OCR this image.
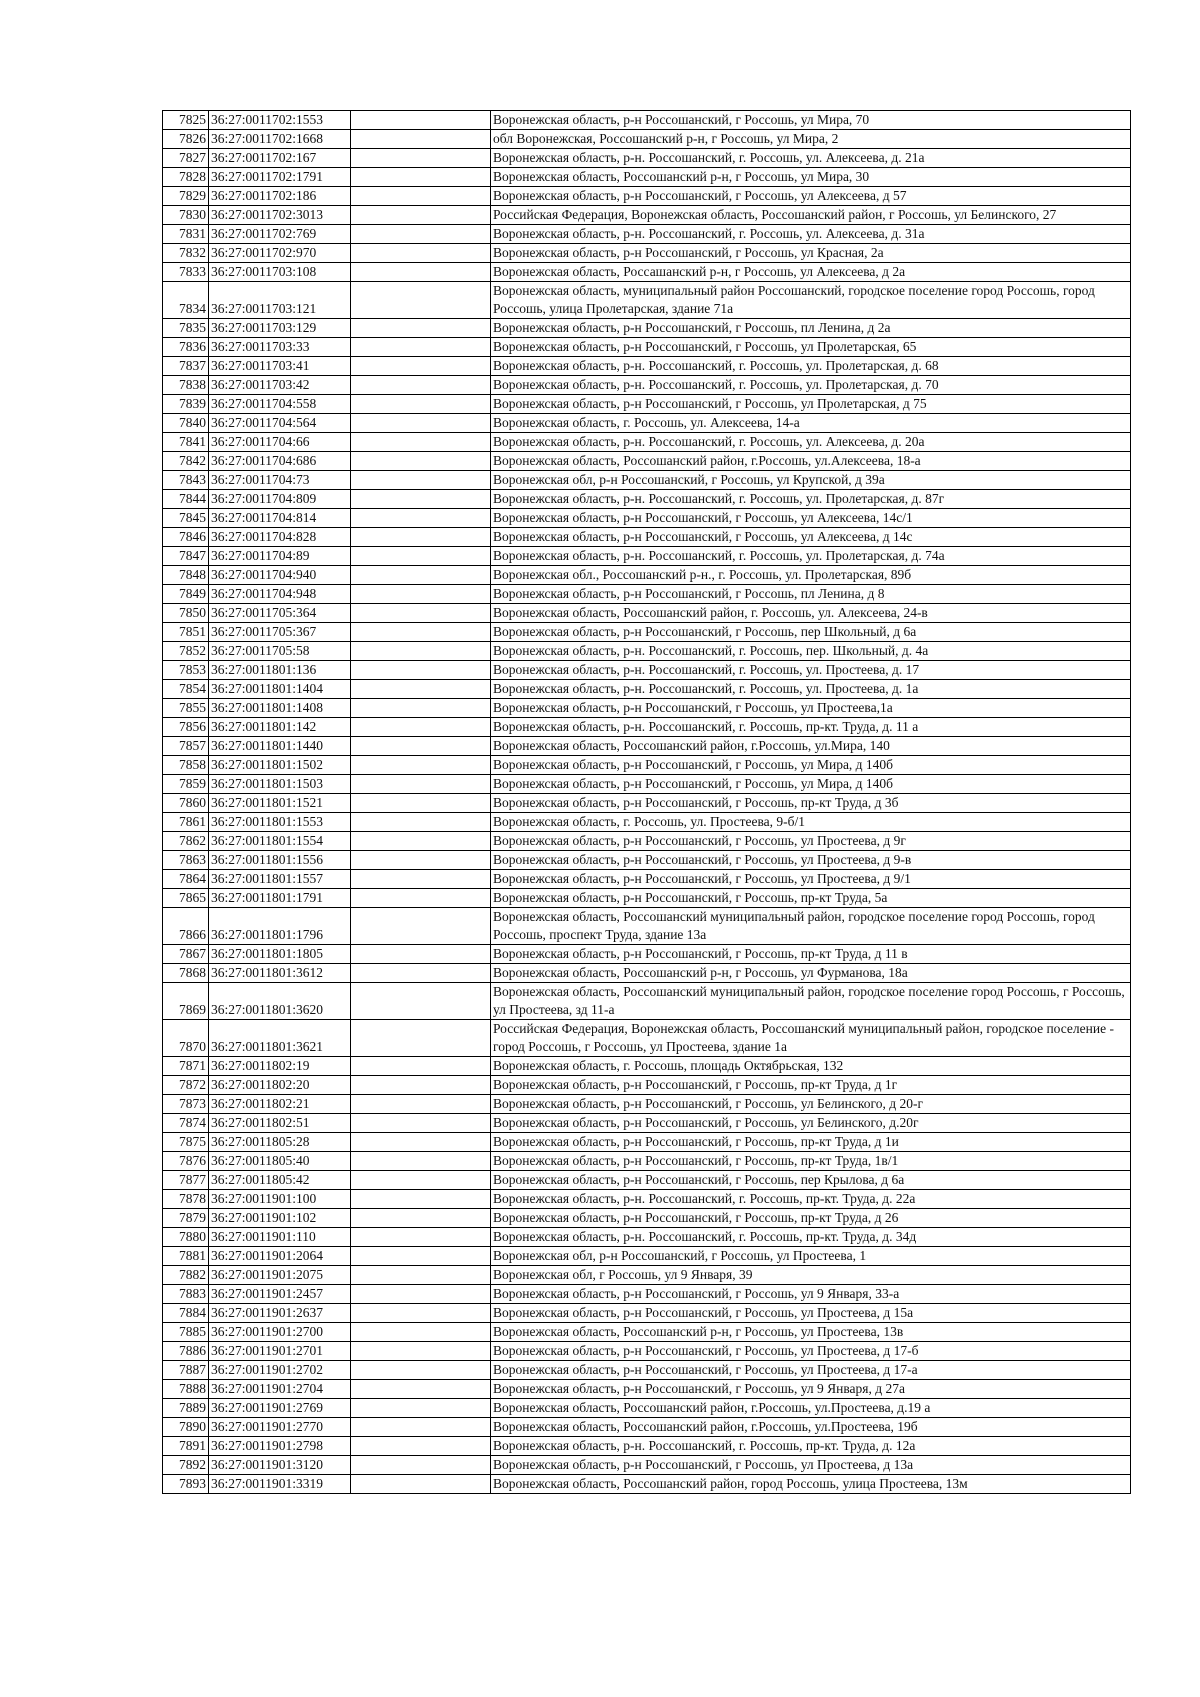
7825	36:27:0011702:1553		Воронежская область, р-н Россошанский, г Россошь, ул Мира, 70
7826	36:27:0011702:1668		обл Воронежская, Россошанский р-н, г Россошь, ул Мира, 2
7827	36:27:0011702:167		Воронежская область, р-н. Россошанский, г. Россошь, ул. Алексеева, д. 21а
7828	36:27:0011702:1791		Воронежская область, Россошанский р-н, г Россошь, ул Мира, 30
7829	36:27:0011702:186		Воронежская область, р-н Россошанский, г Россошь, ул Алексеева, д 57
7830	36:27:0011702:3013		Российская Федерация, Воронежская область, Россошанский район, г Россошь, ул Белинского, 27
7831	36:27:0011702:769		Воронежская область, р-н. Россошанский, г. Россошь, ул. Алексеева, д. 31а
7832	36:27:0011702:970		Воронежская область, р-н Россошанский, г Россошь, ул Красная, 2а
7833	36:27:0011703:108		Воронежская область, Россашанский р-н, г Россошь, ул Алексеева, д 2а
7834	36:27:0011703:121		Воронежская область, муниципальный район Россошанский, городское поселение город Россошь, город Россошь, улица Пролетарская, здание 71а
7835	36:27:0011703:129		Воронежская область, р-н Россошанский, г Россошь, пл Ленина, д 2а
7836	36:27:0011703:33		Воронежская область, р-н Россошанский, г Россошь, ул Пролетарская, 65
7837	36:27:0011703:41		Воронежская область, р-н. Россошанский, г. Россошь, ул. Пролетарская, д. 68
7838	36:27:0011703:42		Воронежская область, р-н. Россошанский, г. Россошь, ул. Пролетарская, д. 70
7839	36:27:0011704:558		Воронежская область, р-н Россошанский, г Россошь, ул Пролетарская, д 75
7840	36:27:0011704:564		Воронежская область, г. Россошь, ул. Алексеева, 14-а
7841	36:27:0011704:66		Воронежская область, р-н. Россошанский, г. Россошь, ул. Алексеева, д. 20а
7842	36:27:0011704:686		Воронежская область, Россошанский район, г.Россошь, ул.Алексеева, 18-а
7843	36:27:0011704:73		Воронежская обл, р-н Россошанский, г Россошь, ул Крупской, д 39а
7844	36:27:0011704:809		Воронежская область, р-н. Россошанский, г. Россошь, ул. Пролетарская, д. 87г
7845	36:27:0011704:814		Воронежская область, р-н Россошанский, г Россошь, ул Алексеева, 14с/1
7846	36:27:0011704:828		Воронежская область, р-н Россошанский, г Россошь, ул Алексеева, д 14с
7847	36:27:0011704:89		Воронежская область, р-н. Россошанский, г. Россошь, ул. Пролетарская, д. 74а
7848	36:27:0011704:940		Воронежская обл., Россошанский р-н., г. Россошь, ул. Пролетарская, 89б
7849	36:27:0011704:948		Воронежская область, р-н Россошанский, г Россошь, пл Ленина, д 8
7850	36:27:0011705:364		Воронежская область, Россошанский район, г. Россошь, ул. Алексеева, 24-в
7851	36:27:0011705:367		Воронежская область, р-н Россошанский, г Россошь, пер Школьный, д 6а
7852	36:27:0011705:58		Воронежская область, р-н. Россошанский, г. Россошь, пер. Школьный, д. 4а
7853	36:27:0011801:136		Воронежская область, р-н. Россошанский, г. Россошь, ул. Простеева, д. 17
7854	36:27:0011801:1404		Воронежская область, р-н. Россошанский, г. Россошь, ул. Простеева, д. 1а
7855	36:27:0011801:1408		Воронежская область, р-н Россошанский, г Россошь, ул Простеева,1а
7856	36:27:0011801:142		Воронежская область, р-н. Россошанский, г. Россошь, пр-кт. Труда, д. 11 а
7857	36:27:0011801:1440		Воронежская область, Россошанский район, г.Россошь, ул.Мира, 140
7858	36:27:0011801:1502		Воронежская область, р-н Россошанский, г Россошь, ул Мира, д 140б
7859	36:27:0011801:1503		Воронежская область, р-н Россошанский, г Россошь, ул Мира, д 140б
7860	36:27:0011801:1521		Воронежская область, р-н Россошанский, г Россошь, пр-кт Труда, д 3б
7861	36:27:0011801:1553		Воронежская область, г. Россошь, ул. Простеева, 9-б/1
7862	36:27:0011801:1554		Воронежская область, р-н Россошанский, г Россошь, ул Простеева, д 9г
7863	36:27:0011801:1556		Воронежская область, р-н Россошанский, г Россошь, ул Простеева, д 9-в
7864	36:27:0011801:1557		Воронежская область, р-н Россошанский, г Россошь, ул Простеева, д 9/1
7865	36:27:0011801:1791		Воронежская область, р-н Россошанский, г Россошь, пр-кт Труда, 5а
7866	36:27:0011801:1796		Воронежская область, Россошанский муниципальный район, городское поселение город Россошь, город Россошь, проспект Труда, здание 13а
7867	36:27:0011801:1805		Воронежская область, р-н Россошанский, г Россошь, пр-кт Труда, д 11 в
7868	36:27:0011801:3612		Воронежская область, Россошанский р-н, г Россошь, ул Фурманова, 18а
7869	36:27:0011801:3620		Воронежская область, Россошанский муниципальный район, городское поселение город Россошь, г Россошь, ул Простеева, зд 11-а
7870	36:27:0011801:3621		Российская Федерация, Воронежская область, Россошанский муниципальный район, городское поселение - город Россошь, г Россошь, ул Простеева, здание 1а
7871	36:27:0011802:19		Воронежская область, г. Россошь, площадь Октябрьская, 132
7872	36:27:0011802:20		Воронежская область, р-н Россошанский, г Россошь, пр-кт Труда, д 1г
7873	36:27:0011802:21		Воронежская область, р-н Россошанский, г Россошь, ул Белинского, д 20-г
7874	36:27:0011802:51		Воронежская область, р-н Россошанский, г Россошь, ул Белинского, д.20г
7875	36:27:0011805:28		Воронежская область, р-н Россошанский, г Россошь, пр-кт Труда, д 1и
7876	36:27:0011805:40		Воронежская область, р-н Россошанский, г Россошь, пр-кт Труда, 1в/1
7877	36:27:0011805:42		Воронежская область, р-н Россошанский, г Россошь, пер Крылова, д 6а
7878	36:27:0011901:100		Воронежская область, р-н. Россошанский, г. Россошь, пр-кт. Труда, д. 22а
7879	36:27:0011901:102		Воронежская область, р-н Россошанский, г Россошь, пр-кт Труда, д 26
7880	36:27:0011901:110		Воронежская область, р-н. Россошанский, г. Россошь, пр-кт. Труда, д. 34д
7881	36:27:0011901:2064		Воронежская обл, р-н Россошанский, г Россошь, ул Простеева, 1
7882	36:27:0011901:2075		Воронежская обл, г Россошь, ул 9 Января, 39
7883	36:27:0011901:2457		Воронежская область, р-н Россошанский, г Россошь, ул 9 Января, 33-а
7884	36:27:0011901:2637		Воронежская область, р-н Россошанский, г Россошь, ул Простеева, д 15а
7885	36:27:0011901:2700		Воронежская область, Россошанский р-н, г Россошь, ул Простеева, 13в
7886	36:27:0011901:2701		Воронежская область, р-н Россошанский, г Россошь, ул Простеева, д 17-б
7887	36:27:0011901:2702		Воронежская область, р-н Россошанский, г Россошь, ул Простеева, д 17-а
7888	36:27:0011901:2704		Воронежская область, р-н Россошанский, г Россошь, ул 9 Января, д 27а
7889	36:27:0011901:2769		Воронежская область, Россошанский район, г.Россошь, ул.Простеева, д.19 а
7890	36:27:0011901:2770		Воронежская область, Россошанский район, г.Россошь, ул.Простеева, 19б
7891	36:27:0011901:2798		Воронежская область, р-н. Россошанский, г. Россошь, пр-кт. Труда, д. 12а
7892	36:27:0011901:3120		Воронежская область, р-н Россошанский, г Россошь, ул Простеева, д 13а
7893	36:27:0011901:3319		Воронежская область, Россошанский район, город Россошь, улица Простеева, 13м
